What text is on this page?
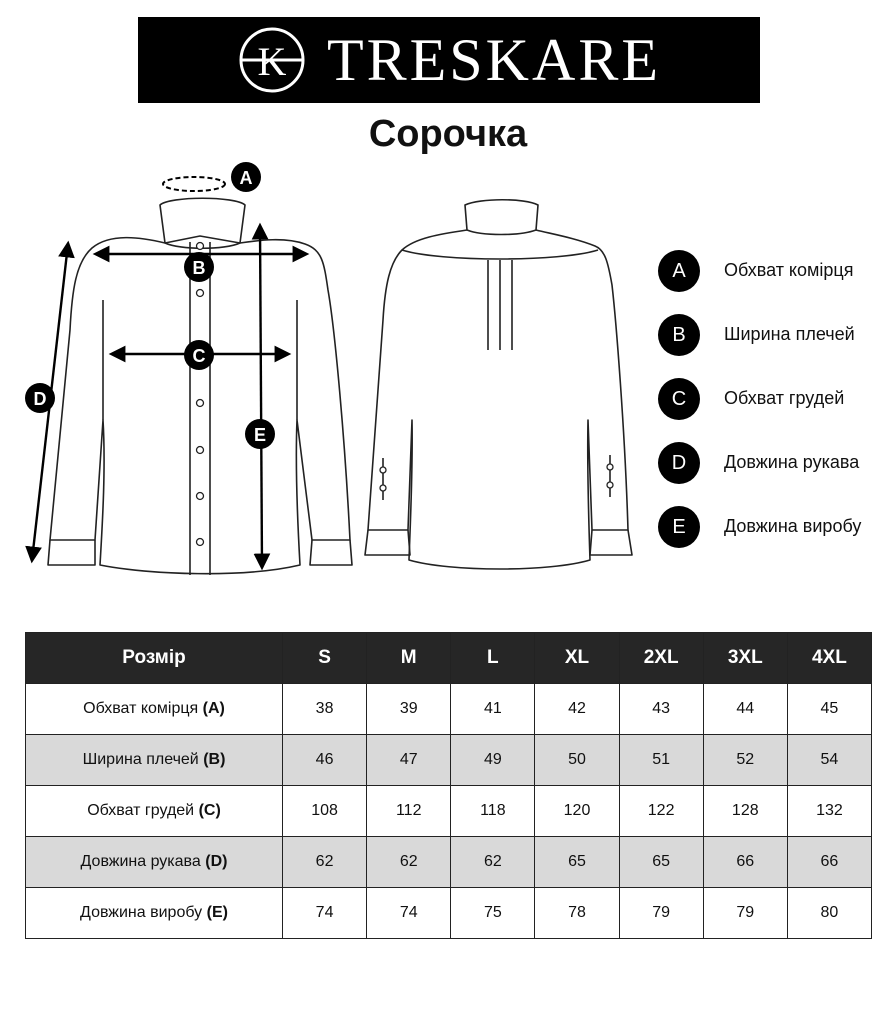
K TRESKARE
Сорочка
A
B
C
D
E
A	Обхват комірця
B	Ширина плечей
C	Обхват грудей
D	Довжина рукава
E	Довжина виробу
Розмір	S	M	L	XL	2XL	3XL	4XL
Обхват комірця (A)	38	39	41	42	43	44	45
Ширина плечей (B)	46	47	49	50	51	52	54
Обхват грудей (C)	108	112	118	120	122	128	132
Довжина рукава (D)	62	62	62	65	65	66	66
Довжина виробу (E)	74	74	75	78	79	79	80
